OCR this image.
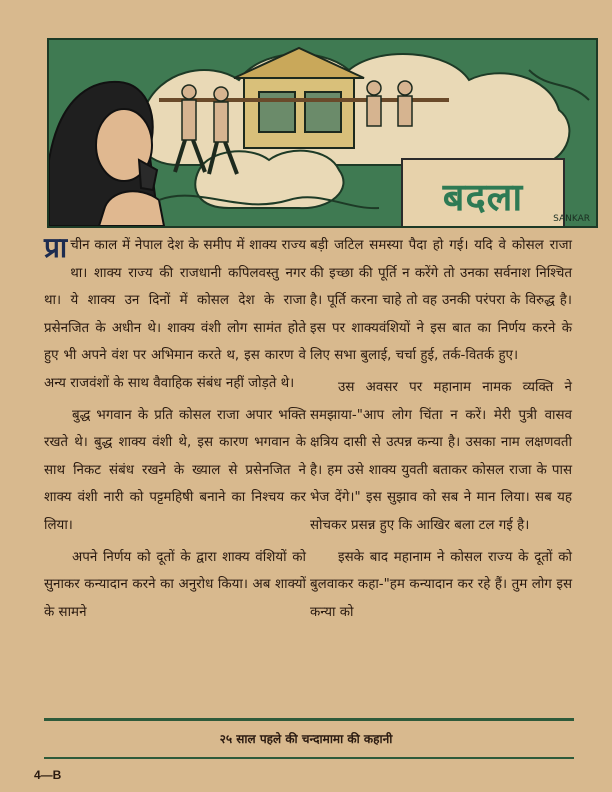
बदला	SANKAR

प्रा चीन काल में नेपाल देश के समीप में शाक्य राज्य था। शाक्य राज्य की राजधानी कपिलवस्तु नगर था। ये शाक्य उन दिनों में कोसल देश के राजा प्रसेनजित के अधीन थे। शाक्य वंशी लोग सामंत होते हुए भी अपने वंश पर अभिमान करते थ, इस कारण वे अन्य राजवंशों के साथ वैवाहिक संबंध नहीं जोड़ते थे।

बुद्ध भगवान के प्रति कोसल राजा अपार भक्ति रखते थे। बुद्ध शाक्य वंशी थे, इस कारण भगवान के साथ निकट संबंध रखने के ख्याल से प्रसेनजित ने शाक्य वंशी नारी को पट्टमहिषी बनाने का निश्चय कर लिया।

अपने निर्णय को दूतों के द्वारा शाक्य वंशियों को सुनाकर कन्यादान करने का अनुरोध किया। अब शाक्यों के सामने

बड़ी जटिल समस्या पैदा हो गई। यदि वे कोसल राजा की इच्छा की पूर्ति न करेंगे तो उनका सर्वनाश निश्चित है। पूर्ति करना चाहे तो वह उनकी परंपरा के विरुद्ध है। इस पर शाक्यवंशियों ने इस बात का निर्णय करने के लिए सभा बुलाई, चर्चा हुई, तर्क-वितर्क हुए।

उस अवसर पर महानाम नामक व्यक्ति ने समझाया-"आप लोग चिंता न करें। मेरी पुत्री वासव क्षत्रिय दासी से उत्पन्न कन्या है। उसका नाम लक्षणवती है। हम उसे शाक्य युवती बताकर कोसल राजा के पास भेज देंगे।" इस सुझाव को सब ने मान लिया। सब यह सोचकर प्रसन्न हुए कि आखिर बला टल गई है।

इसके बाद महानाम ने कोसल राज्य के दूतों को बुलवाकर कहा-"हम कन्यादान कर रहे हैं। तुम लोग इस कन्या को

२५ साल पहले की चन्दामामा की कहानी
4—B
